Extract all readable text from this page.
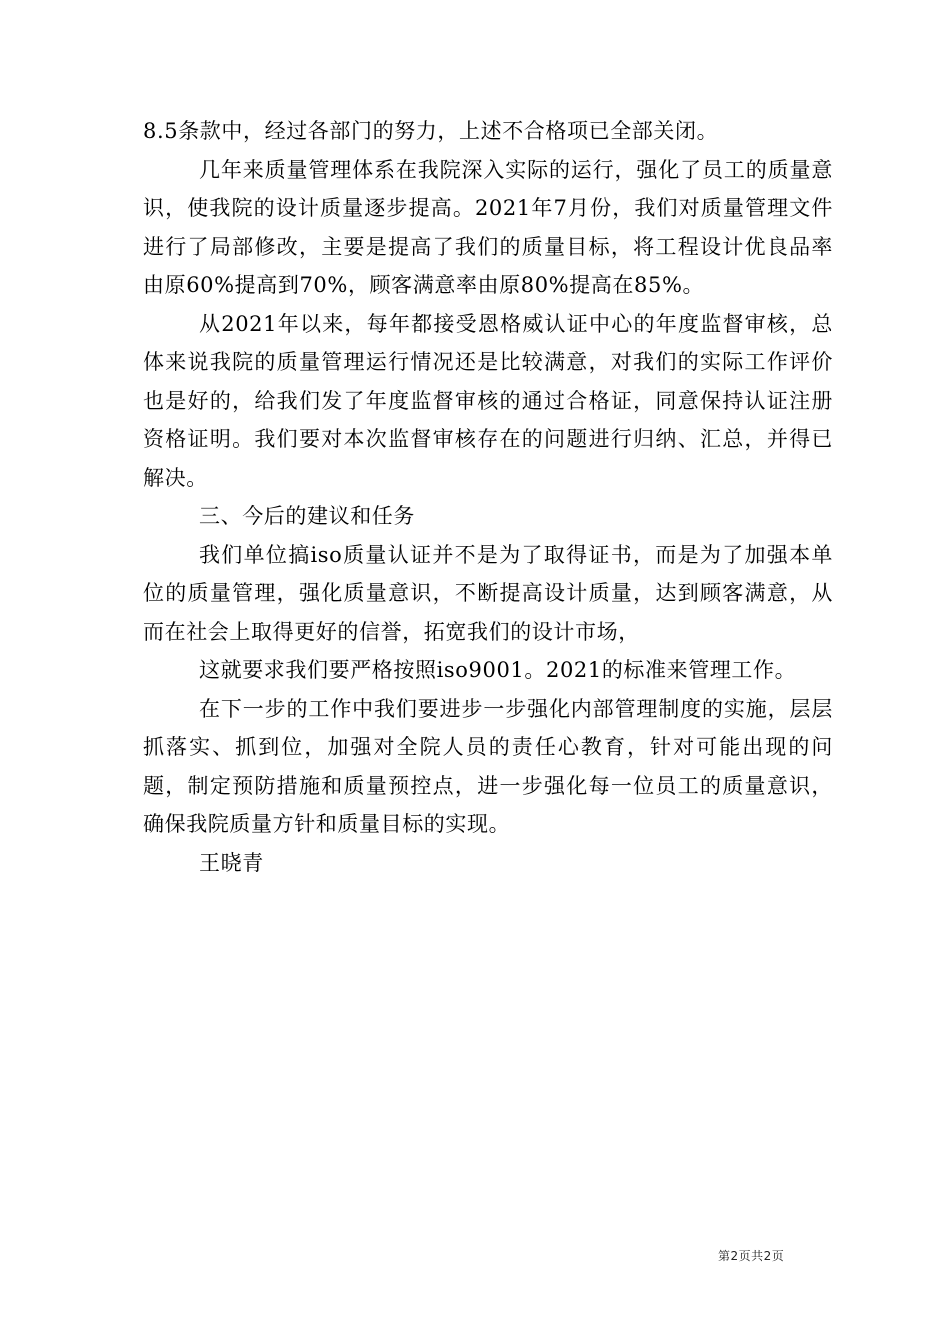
8.5条款中，经过各部门的努力，上述不合格项已全部关闭。

几年来质量管理体系在我院深入实际的运行，强化了员工的质量意识，使我院的设计质量逐步提高。2021年7月份，我们对质量管理文件进行了局部修改，主要是提高了我们的质量目标，将工程设计优良品率由原60%提高到70%，顾客满意率由原80%提高在85%。

从2021年以来，每年都接受恩格威认证中心的年度监督审核，总体来说我院的质量管理运行情况还是比较满意，对我们的实际工作评价也是好的，给我们发了年度监督审核的通过合格证，同意保持认证注册资格证明。我们要对本次监督审核存在的问题进行归纳、汇总，并得已解决。

三、今后的建议和任务

我们单位搞iso质量认证并不是为了取得证书，而是为了加强本单位的质量管理，强化质量意识，不断提高设计质量，达到顾客满意，从而在社会上取得更好的信誉，拓宽我们的设计市场，

这就要求我们要严格按照iso9001。2021的标准来管理工作。

在下一步的工作中我们要进步一步强化内部管理制度的实施，层层抓落实、抓到位，加强对全院人员的责任心教育，针对可能出现的问题，制定预防措施和质量预控点，进一步强化每一位员工的质量意识，确保我院质量方针和质量目标的实现。

王晓青

第2页共2页
